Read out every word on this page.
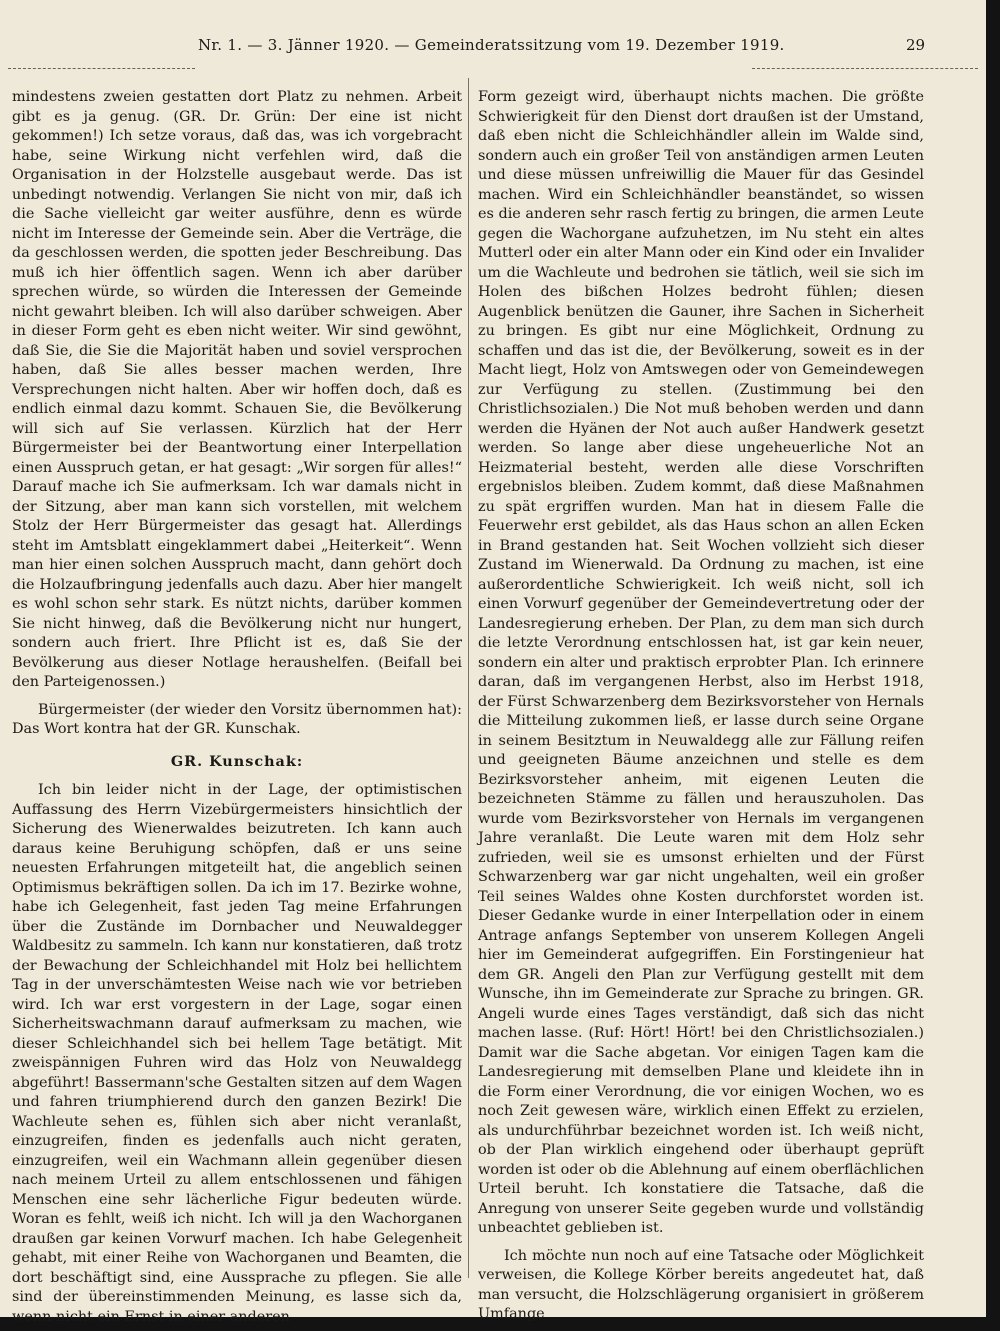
Nr. 1. — 3. Jänner 1920. — Gemeinderatssitzung vom 19. Dezember 1919.	29

mindestens zweien gestatten dort Platz zu nehmen. Arbeit gibt es ja genug. (GR. Dr. Grün: Der eine ist nicht gekommen!) Ich setze voraus, daß das, was ich vorgebracht habe, seine Wirkung nicht verfehlen wird, daß die Organisation in der Holzstelle ausgebaut werde. Das ist unbedingt notwendig. Verlangen Sie nicht von mir, daß ich die Sache vielleicht gar weiter ausführe, denn es würde nicht im Interesse der Gemeinde sein. Aber die Verträge, die da geschlossen werden, die spotten jeder Beschreibung. Das muß ich hier öffentlich sagen. Wenn ich aber darüber sprechen würde, so würden die Interessen der Gemeinde nicht gewahrt bleiben. Ich will also darüber schweigen. Aber in dieser Form geht es eben nicht weiter. Wir sind gewöhnt, daß Sie, die Sie die Majorität haben und soviel versprochen haben, daß Sie alles besser machen werden, Ihre Versprechungen nicht halten. Aber wir hoffen doch, daß es endlich einmal dazu kommt. Schauen Sie, die Bevölkerung will sich auf Sie verlassen. Kürzlich hat der Herr Bürgermeister bei der Beantwortung einer Interpellation einen Ausspruch getan, er hat gesagt: „Wir sorgen für alles!“ Darauf mache ich Sie aufmerksam. Ich war damals nicht in der Sitzung, aber man kann sich vorstellen, mit welchem Stolz der Herr Bürgermeister das gesagt hat. Allerdings steht im Amtsblatt eingeklammert dabei „Heiterkeit“. Wenn man hier einen solchen Ausspruch macht, dann gehört doch die Holzaufbringung jedenfalls auch dazu. Aber hier mangelt es wohl schon sehr stark. Es nützt nichts, darüber kommen Sie nicht hinweg, daß die Bevölkerung nicht nur hungert, sondern auch friert. Ihre Pflicht ist es, daß Sie der Bevölkerung aus dieser Notlage heraushelfen. (Beifall bei den Parteigenossen.)

Bürgermeister (der wieder den Vorsitz übernommen hat): Das Wort kontra hat der GR. Kunschak.

GR. Kunschak:

Ich bin leider nicht in der Lage, der optimistischen Auffassung des Herrn Vizebürgermeisters hinsichtlich der Sicherung des Wienerwaldes beizutreten. Ich kann auch daraus keine Beruhigung schöpfen, daß er uns seine neuesten Erfahrungen mitgeteilt hat, die angeblich seinen Optimismus bekräftigen sollen. Da ich im 17. Bezirke wohne, habe ich Gelegenheit, fast jeden Tag meine Erfahrungen über die Zustände im Dornbacher und Neuwaldegger Waldbesitz zu sammeln. Ich kann nur konstatieren, daß trotz der Bewachung der Schleichhandel mit Holz bei hellichtem Tag in der unverschämtesten Weise nach wie vor betrieben wird. Ich war erst vorgestern in der Lage, sogar einen Sicherheitswachmann darauf aufmerksam zu machen, wie dieser Schleichhandel sich bei hellem Tage betätigt. Mit zweispännigen Fuhren wird das Holz von Neuwaldegg abgeführt! Bassermann'sche Gestalten sitzen auf dem Wagen und fahren triumphierend durch den ganzen Bezirk! Die Wachleute sehen es, fühlen sich aber nicht veranlaßt, einzugreifen, finden es jedenfalls auch nicht geraten, einzugreifen, weil ein Wachmann allein gegenüber diesen nach meinem Urteil zu allem entschlossenen und fähigen Menschen eine sehr lächerliche Figur bedeuten würde. Woran es fehlt, weiß ich nicht. Ich will ja den Wachorganen draußen gar keinen Vorwurf machen. Ich habe Gelegenheit gehabt, mit einer Reihe von Wachorganen und Beamten, die dort beschäftigt sind, eine Aussprache zu pflegen. Sie alle sind der übereinstimmenden Meinung, es lasse sich da, wenn nicht ein Ernst in einer anderen

Form gezeigt wird, überhaupt nichts machen. Die größte Schwierigkeit für den Dienst dort draußen ist der Umstand, daß eben nicht die Schleichhändler allein im Walde sind, sondern auch ein großer Teil von anständigen armen Leuten und diese müssen unfreiwillig die Mauer für das Gesindel machen. Wird ein Schleichhändler beanständet, so wissen es die anderen sehr rasch fertig zu bringen, die armen Leute gegen die Wachorgane aufzuhetzen, im Nu steht ein altes Mutterl oder ein alter Mann oder ein Kind oder ein Invalider um die Wachleute und bedrohen sie tätlich, weil sie sich im Holen des bißchen Holzes bedroht fühlen; diesen Augenblick benützen die Gauner, ihre Sachen in Sicherheit zu bringen. Es gibt nur eine Möglichkeit, Ordnung zu schaffen und das ist die, der Bevölkerung, soweit es in der Macht liegt, Holz von Amtswegen oder von Gemeindewegen zur Verfügung zu stellen. (Zustimmung bei den Christlichsozialen.) Die Not muß behoben werden und dann werden die Hyänen der Not auch außer Handwerk gesetzt werden. So lange aber diese ungeheuerliche Not an Heizmaterial besteht, werden alle diese Vorschriften ergebnislos bleiben. Zudem kommt, daß diese Maßnahmen zu spät ergriffen wurden. Man hat in diesem Falle die Feuerwehr erst gebildet, als das Haus schon an allen Ecken in Brand gestanden hat. Seit Wochen vollzieht sich dieser Zustand im Wienerwald. Da Ordnung zu machen, ist eine außerordentliche Schwierigkeit. Ich weiß nicht, soll ich einen Vorwurf gegenüber der Gemeindevertretung oder der Landesregierung erheben. Der Plan, zu dem man sich durch die letzte Verordnung entschlossen hat, ist gar kein neuer, sondern ein alter und praktisch erprobter Plan. Ich erinnere daran, daß im vergangenen Herbst, also im Herbst 1918, der Fürst Schwarzenberg dem Bezirksvorsteher von Hernals die Mitteilung zukommen ließ, er lasse durch seine Organe in seinem Besitztum in Neuwaldegg alle zur Fällung reifen und geeigneten Bäume anzeichnen und stelle es dem Bezirksvorsteher anheim, mit eigenen Leuten die bezeichneten Stämme zu fällen und herauszuholen. Das wurde vom Bezirksvorsteher von Hernals im vergangenen Jahre veranlaßt. Die Leute waren mit dem Holz sehr zufrieden, weil sie es umsonst erhielten und der Fürst Schwarzenberg war gar nicht ungehalten, weil ein großer Teil seines Waldes ohne Kosten durchforstet worden ist. Dieser Gedanke wurde in einer Interpellation oder in einem Antrage anfangs September von unserem Kollegen Angeli hier im Gemeinderat aufgegriffen. Ein Forstingenieur hat dem GR. Angeli den Plan zur Verfügung gestellt mit dem Wunsche, ihn im Gemeinderate zur Sprache zu bringen. GR. Angeli wurde eines Tages verständigt, daß sich das nicht machen lasse. (Ruf: Hört! Hört! bei den Christlichsozialen.) Damit war die Sache abgetan. Vor einigen Tagen kam die Landesregierung mit demselben Plane und kleidete ihn in die Form einer Verordnung, die vor einigen Wochen, wo es noch Zeit gewesen wäre, wirklich einen Effekt zu erzielen, als undurchführbar bezeichnet worden ist. Ich weiß nicht, ob der Plan wirklich eingehend oder überhaupt geprüft worden ist oder ob die Ablehnung auf einem oberflächlichen Urteil beruht. Ich konstatiere die Tatsache, daß die Anregung von unserer Seite gegeben wurde und vollständig unbeachtet geblieben ist.

Ich möchte nun noch auf eine Tatsache oder Möglichkeit verweisen, die Kollege Körber bereits angedeutet hat, daß man versucht, die Holzschlägerung organisiert in größerem Umfange
